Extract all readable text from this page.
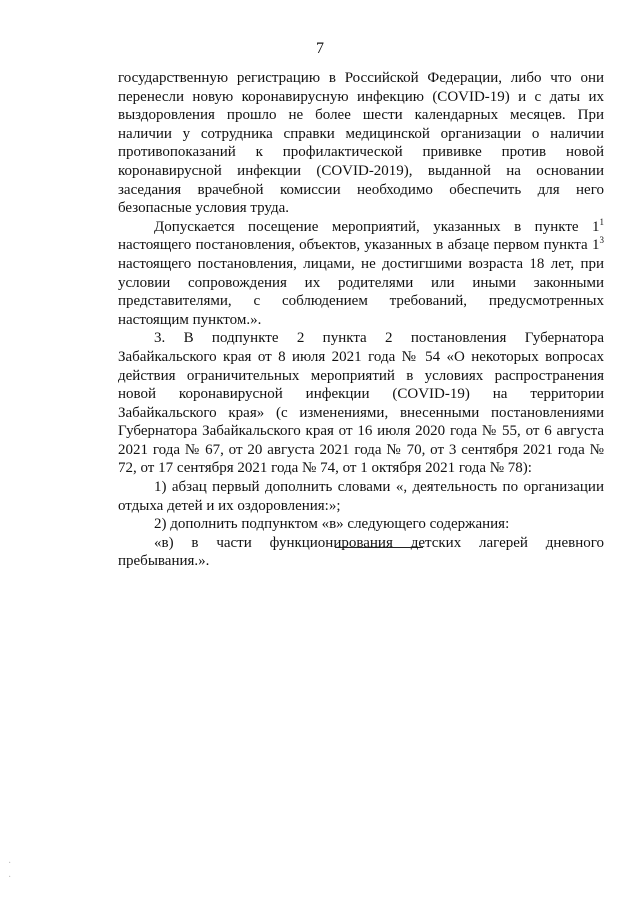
7

государственную регистрацию в Российской Федерации, либо что они перенесли новую коронавирусную инфекцию (COVID-19) и с даты их выздоровления прошло не более шести календарных месяцев. При наличии у сотрудника справки медицинской организации о наличии противопоказаний к профилактической прививке против новой коронавирусной инфекции (COVID-2019), выданной на основании заседания врачебной комиссии необходимо обеспечить для него безопасные условия труда.

Допускается посещение мероприятий, указанных в пункте $1^1$ настоящего постановления, объектов, указанных в абзаце первом пункта $1^3$ настоящего постановления, лицами, не достигшими возраста 18 лет, при условии сопровождения их родителями или иными законными представителями, с соблюдением требований, предусмотренных настоящим пунктом.».

3. В подпункте 2 пункта 2 постановления Губернатора Забайкальского края от 8 июля 2021 года № 54 «О некоторых вопросах действия ограничительных мероприятий в условиях распространения новой коронавирусной инфекции (COVID-19) на территории Забайкальского края» (с изменениями, внесенными постановлениями Губернатора Забайкальского края от 16 июля 2020 года № 55, от 6 августа 2021 года № 67, от 20 августа 2021 года № 70, от 3 сентября 2021 года № 72, от 17 сентября 2021 года № 74, от 1 октября 2021 года № 78):

1) абзац первый дополнить словами «, деятельность по организации отдыха детей и их оздоровления:»;

2) дополнить подпунктом «в» следующего содержания:

«в) в части функционирования детских лагерей дневного пребывания.».

·
·
